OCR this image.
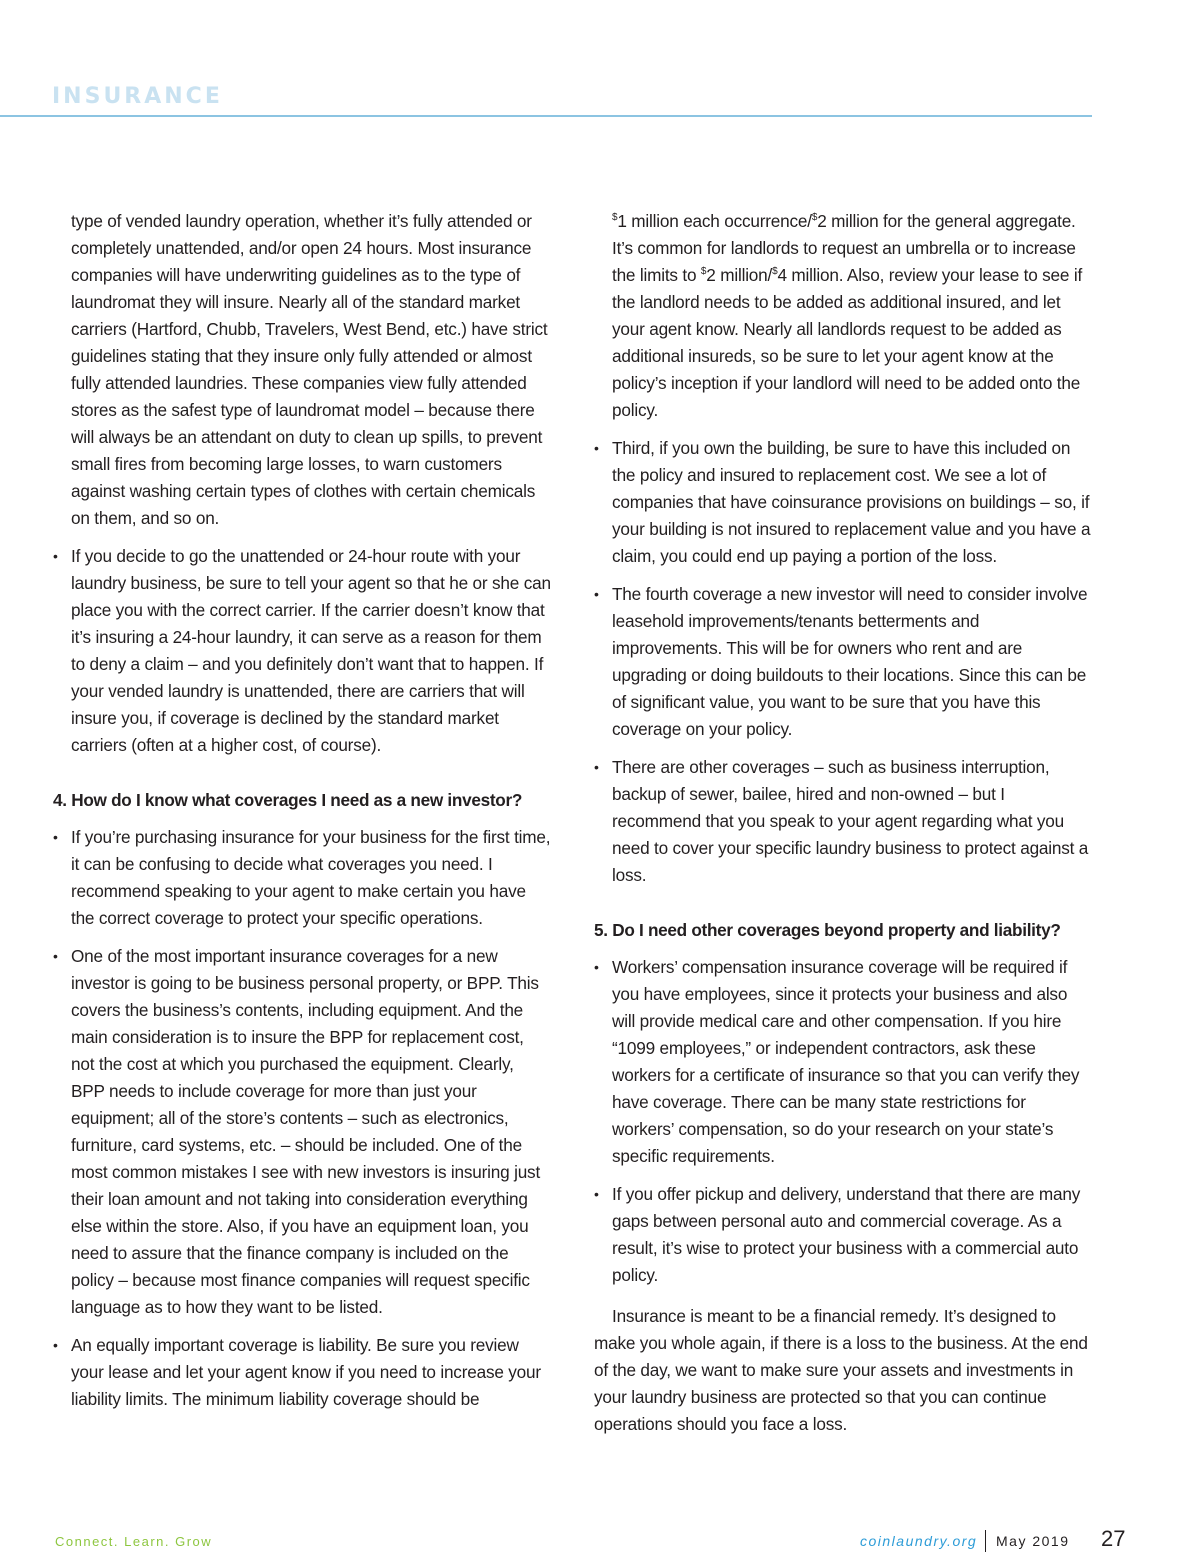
INSURANCE

type of vended laundry operation, whether it’s fully attended or completely unattended, and/or open 24 hours. Most insurance companies will have underwriting guidelines as to the type of laundromat they will insure. Nearly all of the standard market carriers (Hartford, Chubb, Travelers, West Bend, etc.) have strict guidelines stating that they insure only fully attended or almost fully attended laundries. These companies view fully attended stores as the safest type of laundromat model – because there will always be an attendant on duty to clean up spills, to prevent small fires from becoming large losses, to warn customers against washing certain types of clothes with certain chemicals on them, and so on.

• If you decide to go the unattended or 24-hour route with your laundry business, be sure to tell your agent so that he or she can place you with the correct carrier. If the carrier doesn’t know that it’s insuring a 24-hour laundry, it can serve as a reason for them to deny a claim – and you definitely don’t want that to happen. If your vended laundry is unattended, there are carriers that will insure you, if coverage is declined by the standard market carriers (often at a higher cost, of course).
4. How do I know what coverages I need as a new investor?
• If you’re purchasing insurance for your business for the first time, it can be confusing to decide what coverages you need. I recommend speaking to your agent to make certain you have the correct coverage to protect your specific operations.
• One of the most important insurance coverages for a new investor is going to be business personal property, or BPP. This covers the business’s contents, including equipment. And the main consideration is to insure the BPP for replacement cost, not the cost at which you purchased the equipment. Clearly, BPP needs to include coverage for more than just your equipment; all of the store’s contents – such as electronics, furniture, card systems, etc. – should be included. One of the most common mistakes I see with new investors is insuring just their loan amount and not taking into consideration everything else within the store. Also, if you have an equipment loan, you need to assure that the finance company is included on the policy – because most finance companies will request specific language as to how they want to be listed.
• An equally important coverage is liability. Be sure you review your lease and let your agent know if you need to increase your liability limits. The minimum liability coverage should be

$1 million each occurrence/$2 million for the general aggregate. It’s common for landlords to request an umbrella or to increase the limits to $2 million/$4 million. Also, review your lease to see if the landlord needs to be added as additional insured, and let your agent know. Nearly all landlords request to be added as additional insureds, so be sure to let your agent know at the policy’s inception if your landlord will need to be added onto the policy.

• Third, if you own the building, be sure to have this included on the policy and insured to replacement cost. We see a lot of companies that have coinsurance provisions on buildings – so, if your building is not insured to replacement value and you have a claim, you could end up paying a portion of the loss.
• The fourth coverage a new investor will need to consider involve leasehold improvements/tenants betterments and improvements. This will be for owners who rent and are upgrading or doing buildouts to their locations. Since this can be of significant value, you want to be sure that you have this coverage on your policy.
• There are other coverages – such as business interruption, backup of sewer, bailee, hired and non-owned – but I recommend that you speak to your agent regarding what you need to cover your specific laundry business to protect against a loss.
5. Do I need other coverages beyond property and liability?
• Workers’ compensation insurance coverage will be required if you have employees, since it protects your business and also will provide medical care and other compensation. If you hire “1099 employees,” or independent contractors, ask these workers for a certificate of insurance so that you can verify they have coverage. There can be many state restrictions for workers’ compensation, so do your research on your state’s specific requirements.
• If you offer pickup and delivery, understand that there are many gaps between personal auto and commercial coverage. As a result, it’s wise to protect your business with a commercial auto policy.

Insurance is meant to be a financial remedy. It’s designed to make you whole again, if there is a loss to the business. At the end of the day, we want to make sure your assets and investments in your laundry business are protected so that you can continue operations should you face a loss.

Connect. Learn. Grow	coinlaundry.org May 2019 27
